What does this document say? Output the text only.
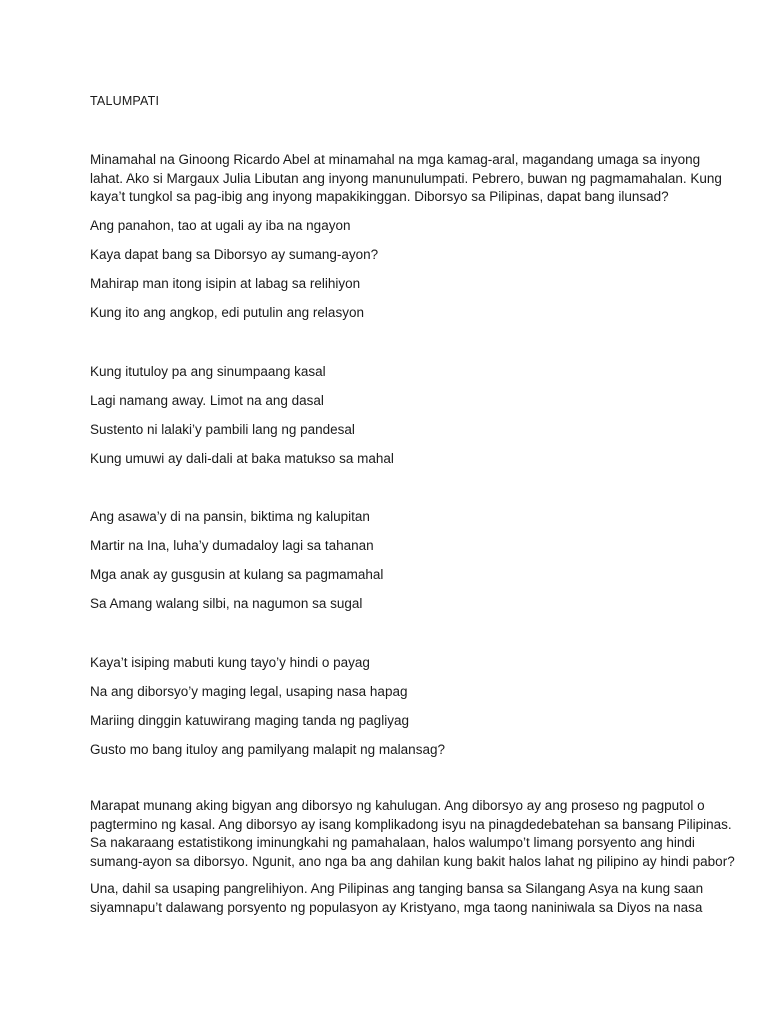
TALUMPATI
Minamahal na Ginoong Ricardo Abel at minamahal na mga kamag-aral, magandang umaga sa inyong
lahat. Ako si Margaux Julia Libutan ang inyong manunulumpati. Pebrero, buwan ng pagmamahalan. Kung
kaya’t tungkol sa pag-ibig ang inyong mapakikinggan. Diborsyo sa Pilipinas, dapat bang ilunsad?
Ang panahon, tao at ugali ay iba na ngayon
Kaya dapat bang sa Diborsyo ay sumang-ayon?
Mahirap man itong isipin at labag sa relihiyon
Kung ito ang angkop, edi putulin ang relasyon
Kung itutuloy pa ang sinumpaang kasal
Lagi namang away. Limot na ang dasal
Sustento ni lalaki’y pambili lang ng pandesal
Kung umuwi ay dali-dali at baka matukso sa mahal
Ang asawa’y di na pansin, biktima ng kalupitan
Martir na Ina, luha’y dumadaloy lagi sa tahanan
Mga anak ay gusgusin at kulang sa pagmamahal
Sa Amang walang silbi, na nagumon sa sugal
Kaya’t isiping mabuti kung tayo’y hindi o payag
Na ang diborsyo’y maging legal, usaping nasa hapag
Mariing dinggin katuwirang maging tanda ng pagliyag
Gusto mo bang ituloy ang pamilyang malapit ng malansag?
Marapat munang aking bigyan ang diborsyo ng kahulugan. Ang diborsyo ay ang proseso ng pagputol o
pagtermino ng kasal. Ang diborsyo ay isang komplikadong isyu na pinagdedebatehan sa bansang Pilipinas.
Sa nakaraang estatistikong iminungkahi ng pamahalaan, halos walumpo’t limang porsyento ang hindi
sumang-ayon sa diborsyo. Ngunit, ano nga ba ang dahilan kung bakit halos lahat ng pilipino ay hindi pabor?
Una, dahil sa usaping pangrelihiyon. Ang Pilipinas ang tanging bansa sa Silangang Asya na kung saan
siyamnapu’t dalawang porsyento ng populasyon ay Kristyano, mga taong naniniwala sa Diyos na nasa
